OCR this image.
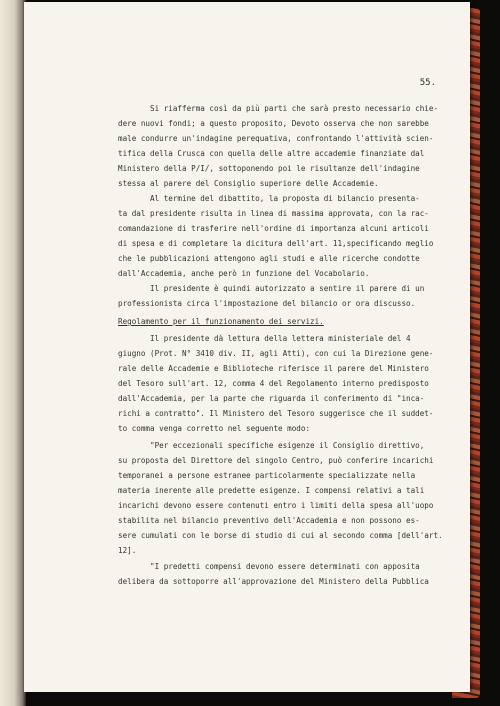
55.

Si riafferma così da più parti che sarà presto necessario chie-

dere nuovi fondi; a questo proposito, Devoto osserva che non sarebbe

male condurre un'indagine perequativa, confrontando l'attività scien-

tifica della Crusca con quella delle altre accademie finanziate dal

Ministero della P/I/, sottoponendo poi le risultanze dell'indagine

stessa al parere del Consiglio superiore delle Accademie.

Al termine del dibattito, la proposta di bilancio presenta-

ta dal presidente risulta in linea di massima approvata, con la rac-

comandazione di trasferire nell'ordine di importanza alcuni articoli

di spesa e di completare la dicitura dell'art. 11,specificando meglio

che le pubblicazioni attengono agli studi e alle ricerche condotte

dall'Accademia, anche però in funzione del Vocabolario.

Il presidente è quindi autorizzato a sentire il parere di un

professionista circa l'impostazione del bilancio or ora discusso.

Regolamento per il funzionamento dei servizi.

Il presidente dà lettura della lettera ministeriale del 4

giugno (Prot. N° 3410 div. II, agli Atti), con cui la Direzione gene-

rale delle Accademie e Biblioteche riferisce il parere del Ministero

del Tesoro sull'art. 12, comma 4 del Regolamento interno predisposto

dall'Accademia, per la parte che riguarda il conferimento di "inca-

richi a contratto". Il Ministero del Tesoro suggerisce che il suddet-

to comma venga corretto nel seguente modo:

"Per eccezionali specifiche esigenze il Consiglio direttivo,

su proposta del Direttore del singolo Centro, può conferire incarichi

temporanei a persone estranee particolarmente specializzate nella

materia inerente alle predette esigenze. I compensi relativi a tali

incarichi devono essere contenuti entro i limiti della spesa all'uopo

stabilita nel bilancio preventivo dell'Accademia e non possono es-

sere cumulati con le borse di studio di cui al secondo comma [dell'art.

12].

"I predetti compensi devono essere determinati con apposita

delibera da sottoporre all'approvazione del Ministero della Pubblica
